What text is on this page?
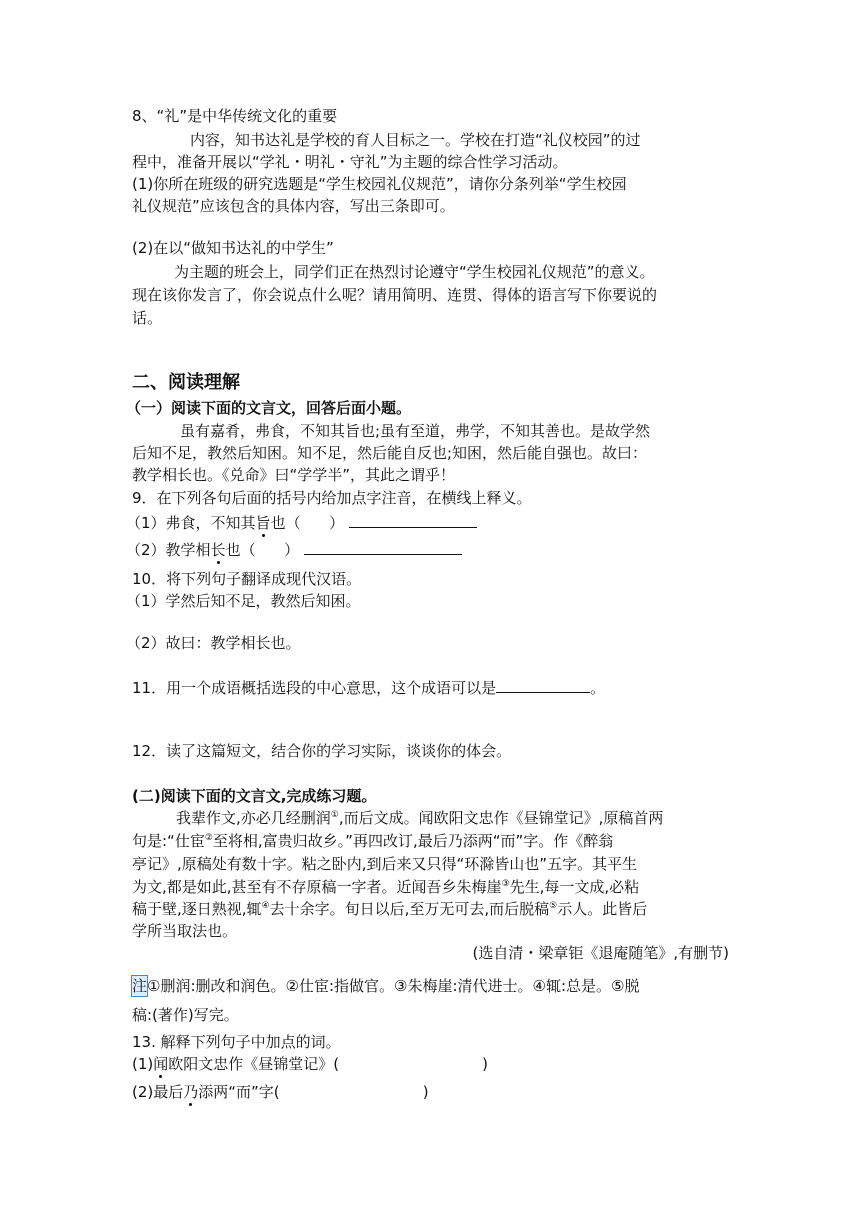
8、“礼”是中华传统文化的重要
内容，知书达礼是学校的育人目标之一。学校在打造“礼仪校园”的过
程中，准备开展以“学礼・明礼・守礼”为主题的综合性学习活动。
(1)你所在班级的研究选题是“学生校园礼仪规范”，请你分条列举“学生校园
礼仪规范”应该包含的具体内容，写出三条即可。
(2)在以“做知书达礼的中学生”
为主题的班会上，同学们正在热烈讨论遵守“学生校园礼仪规范”的意义。
现在该你发言了，你会说点什么呢？请用简明、连贯、得体的语言写下你要说的
话。
二、阅读理解
（一）阅读下面的文言文，回答后面小题。
虽有嘉肴，弗食，不知其旨也;虽有至道，弗学，不知其善也。是故学然
后知不足，教然后知困。知不足，然后能自反也;知困，然后能自强也。故曰：
教学相长也。《兑命》曰“学学半”，其此之谓乎！
9．在下列各句后面的括号内给加点字注音，在横线上释义。
（1）弗食，不知其旨也（      ）
（2）教学相长也（      ）
10．将下列句子翻译成现代汉语。
（1）学然后知不足，教然后知困。
（2）故曰：教学相长也。
11．用一个成语概括选段的中心意思，这个成语可以是	。
12．读了这篇短文，结合你的学习实际，谈谈你的体会。
(二)阅读下面的文言文,完成练习题。
我辈作文,亦必几经删润①,而后文成。闻欧阳文忠作《昼锦堂记》,原稿首两
句是:“仕宦②至将相,富贵归故乡。”再四改订,最后乃添两“而”字。作《醉翁
亭记》,原稿处有数十字。粘之卧内,到后来又只得“环滁皆山也”五字。其平生
为文,都是如此,甚至有不存原稿一字者。近闻吾乡朱梅崖③先生,每一文成,必粘
稿于壁,逐日熟视,辄④去十余字。旬日以后,至万无可去,而后脱稿⑤示人。此皆后
学所当取法也。
(选自清・梁章钜《退庵随笔》,有删节)
注①删润:删改和润色。②仕宦:指做官。③朱梅崖:清代进士。④辄:总是。⑤脱
稿:(著作)写完。
13. 解释下列句子中加点的词。
(1)闻欧阳文忠作《昼锦堂记》(                              )
(2)最后乃添两“而”字(                              )
